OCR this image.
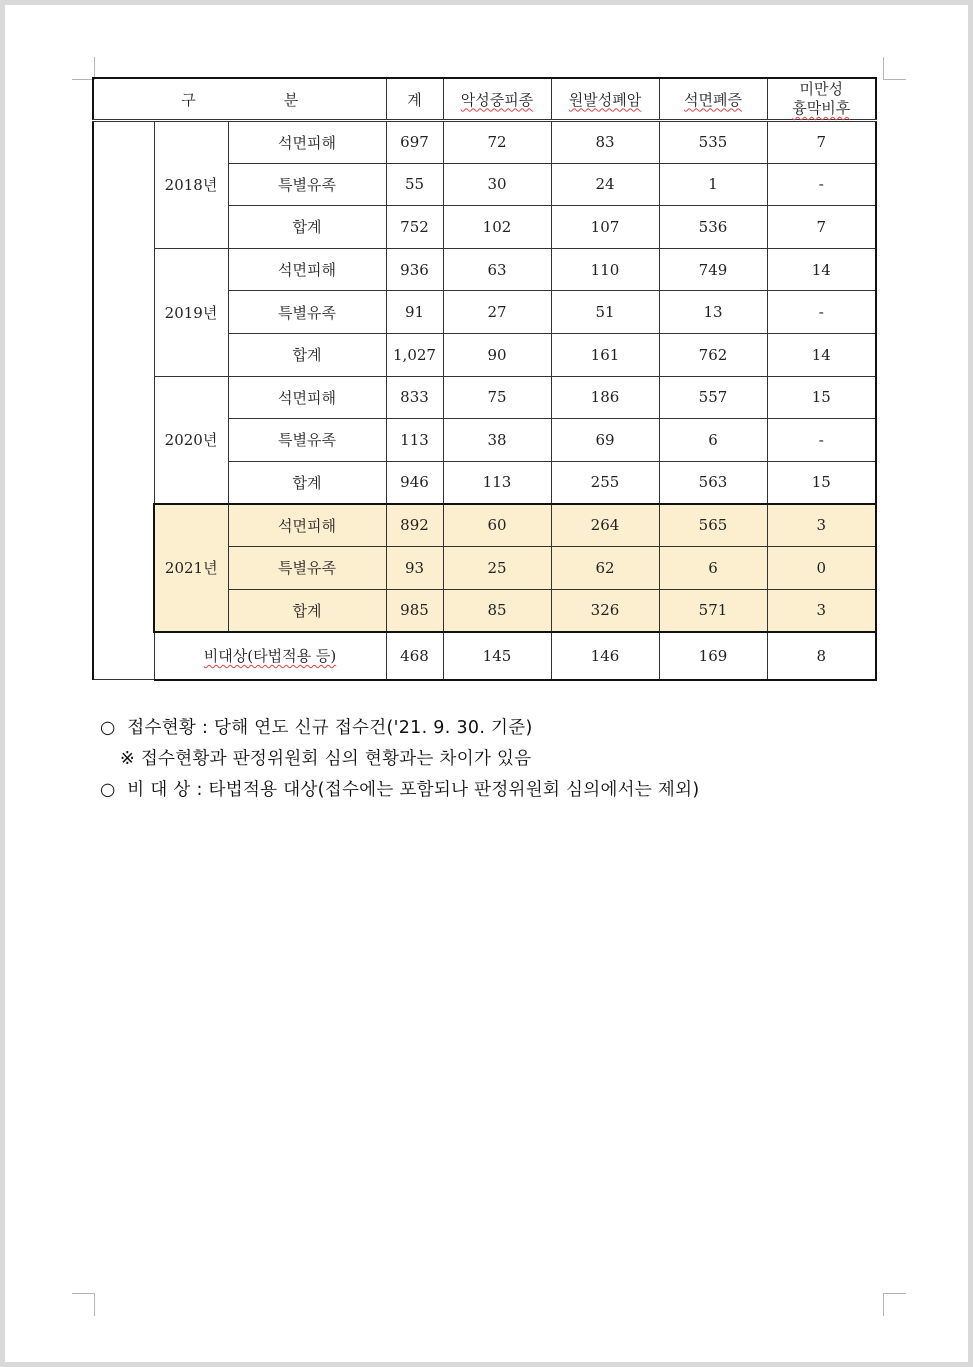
구 분			계	악성중피종	원발성폐암	석면폐증	미만성
흉막비후

	2018년	석면피해	697	72	83	535	7
		특별유족	55	30	24	1	-
		합계	752	102	107	536	7
	2019년	석면피해	936	63	110	749	14
		특별유족	91	27	51	13	-
		합계	1,027	90	161	762	14
	2020년	석면피해	833	75	186	557	15
		특별유족	113	38	69	6	-
		합계	946	113	255	563	15
	2021년	석면피해	892	60	264	565	3
		특별유족	93	25	62	6	0
		합계	985	85	326	571	3
	비대상(타법적용 등)		468	145	146	169	8
○  접수현황 : 당해 연도 신규 접수건('21. 9. 30. 기준)
※ 접수현황과 판정위원회 심의 현황과는 차이가 있음
○  비 대 상 : 타법적용 대상(접수에는 포함되나 판정위원회 심의에서는 제외)
